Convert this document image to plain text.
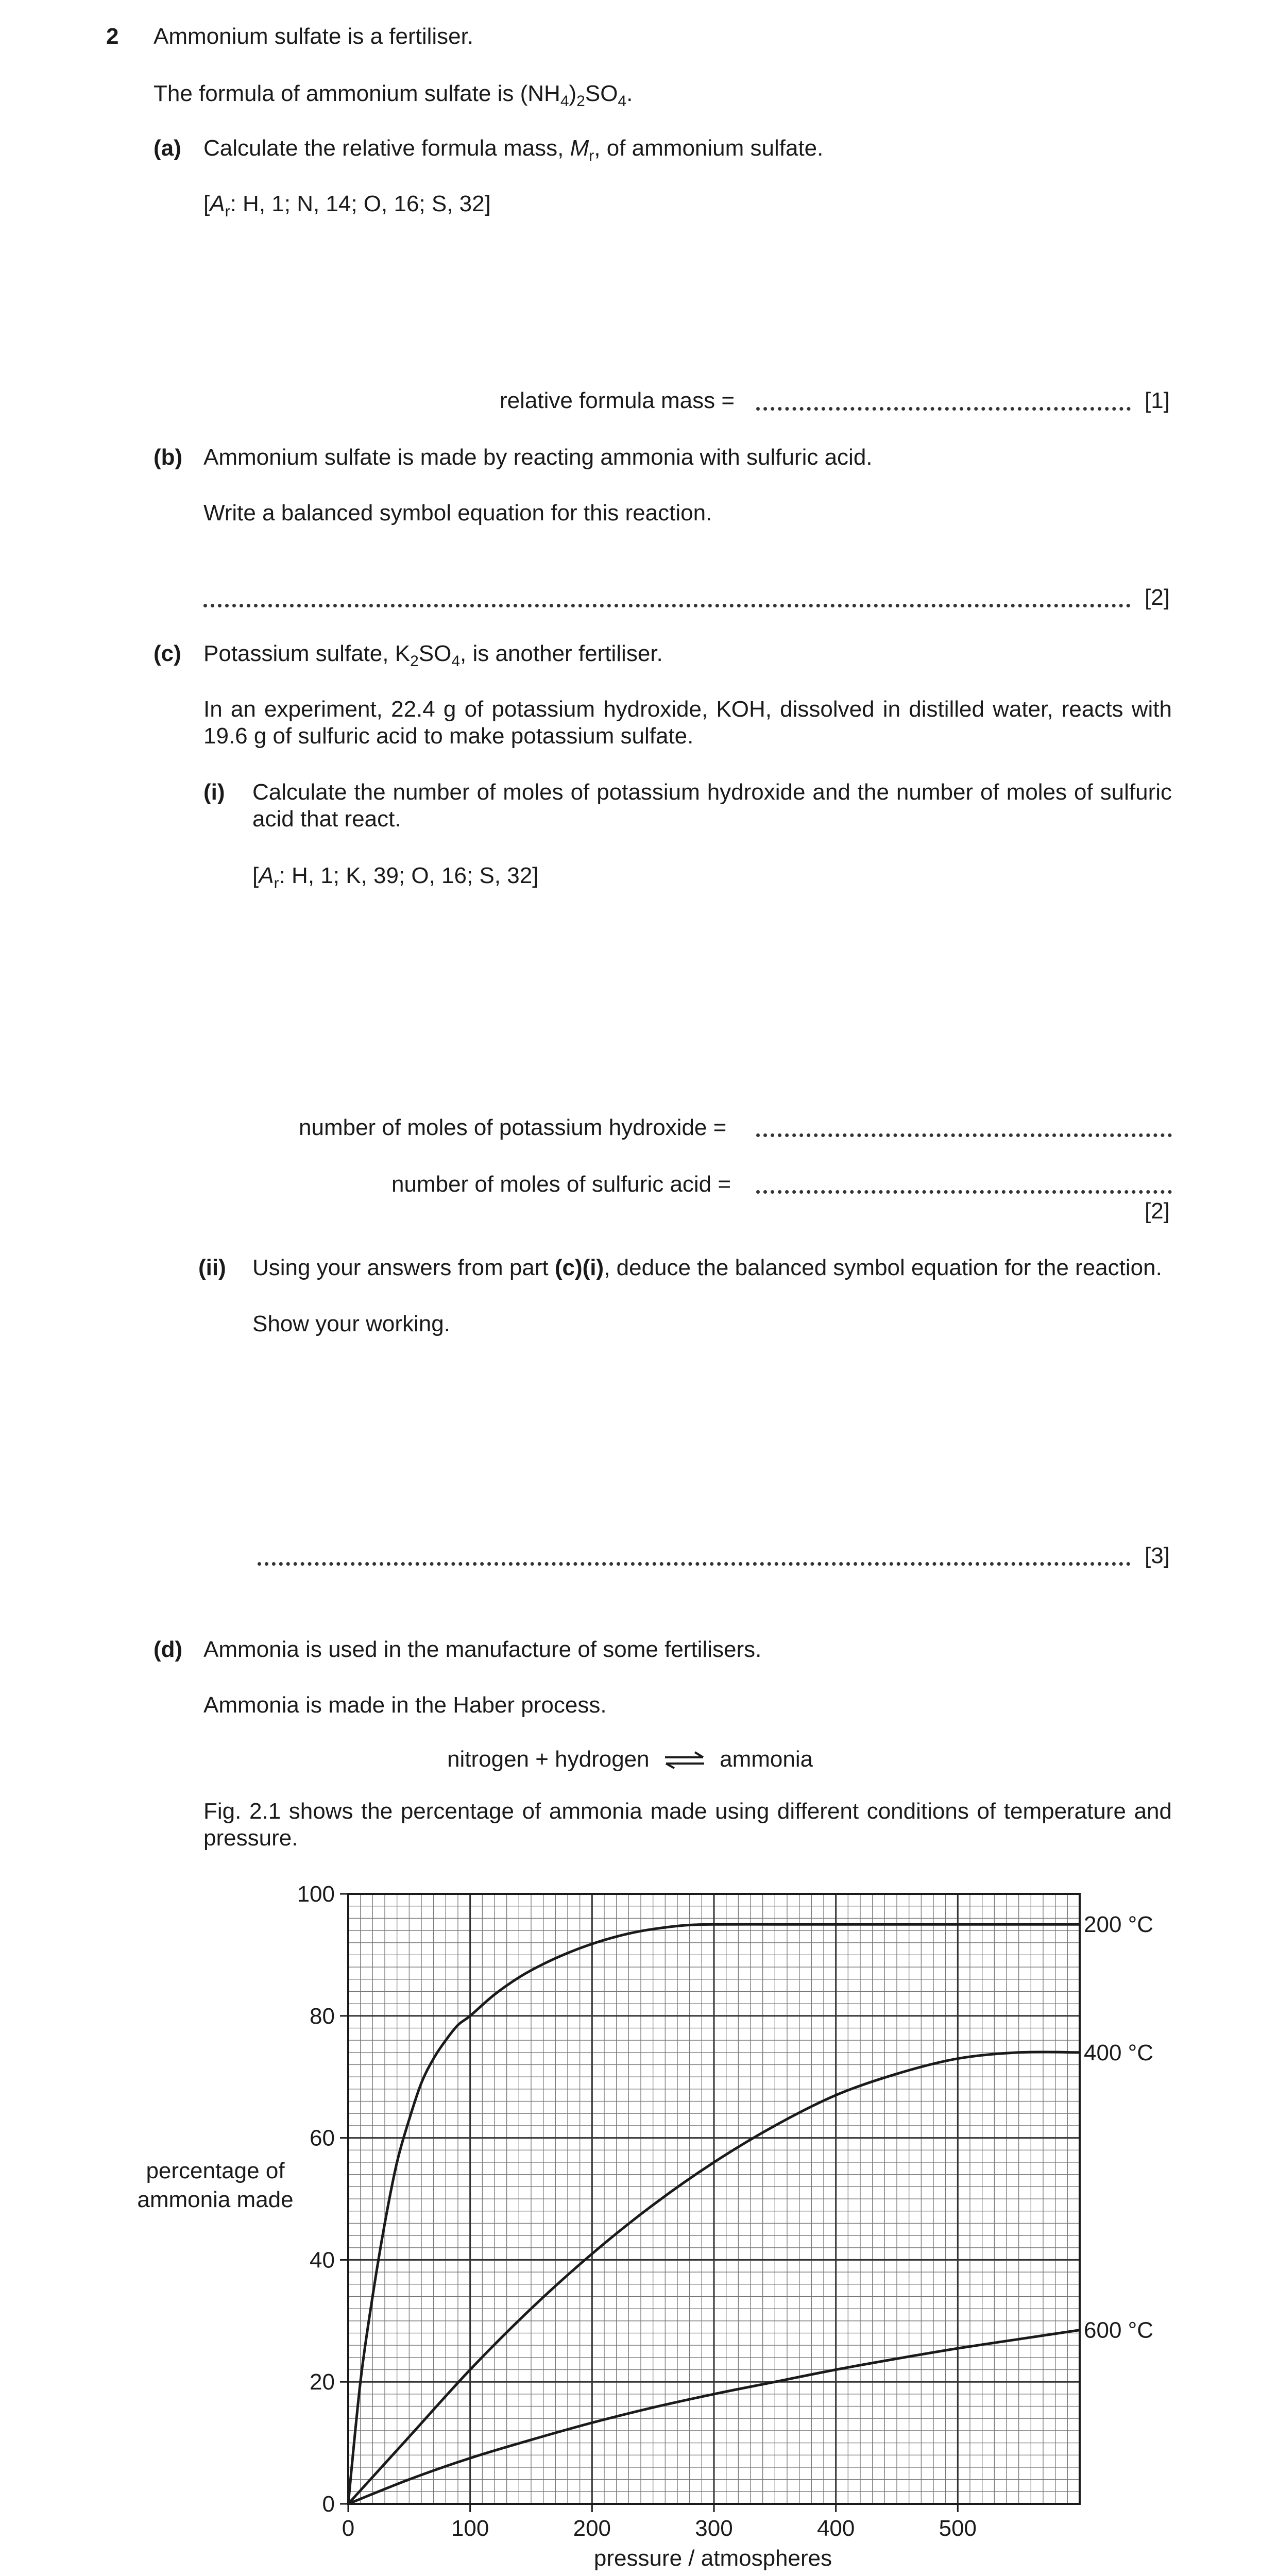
2 Ammonium sulfate is a fertiliser.
The formula of ammonium sulfate is $(NH_4)_2SO_4$.
(a) Calculate the relative formula mass, $M_r$, of ammonium sulfate.
[$A_r$: H, 1; N, 14; O, 16; S, 32]
relative formula mass =	[1]
(b) Ammonium sulfate is made by reacting ammonia with sulfuric acid.
Write a balanced symbol equation for this reaction.
[2]
(c) Potassium sulfate, $K_2SO_4$, is another fertiliser.
In an experiment, 22.4 g of potassium hydroxide, KOH, dissolved in distilled water, reacts with 19.6 g of sulfuric acid to make potassium sulfate.
(i) Calculate the number of moles of potassium hydroxide and the number of moles of sulfuric acid that react.
[$A_r$: H, 1; K, 39; O, 16; S, 32]
number of moles of potassium hydroxide =
number of moles of sulfuric acid =
[2]
(ii) Using your answers from part (c)(i), deduce the balanced symbol equation for the reaction.
Show your working.
[3]
(d) Ammonia is used in the manufacture of some fertilisers.
Ammonia is made in the Haber process.
nitrogen + hydrogen ⇌ ammonia
Fig. 2.1 shows the percentage of ammonia made using different conditions of temperature and pressure.
0	100	200	300	400	500
0
20
40
60
80
100
200 °C
400 °C
600 °C
percentage of
ammonia made
pressure / atmospheres
